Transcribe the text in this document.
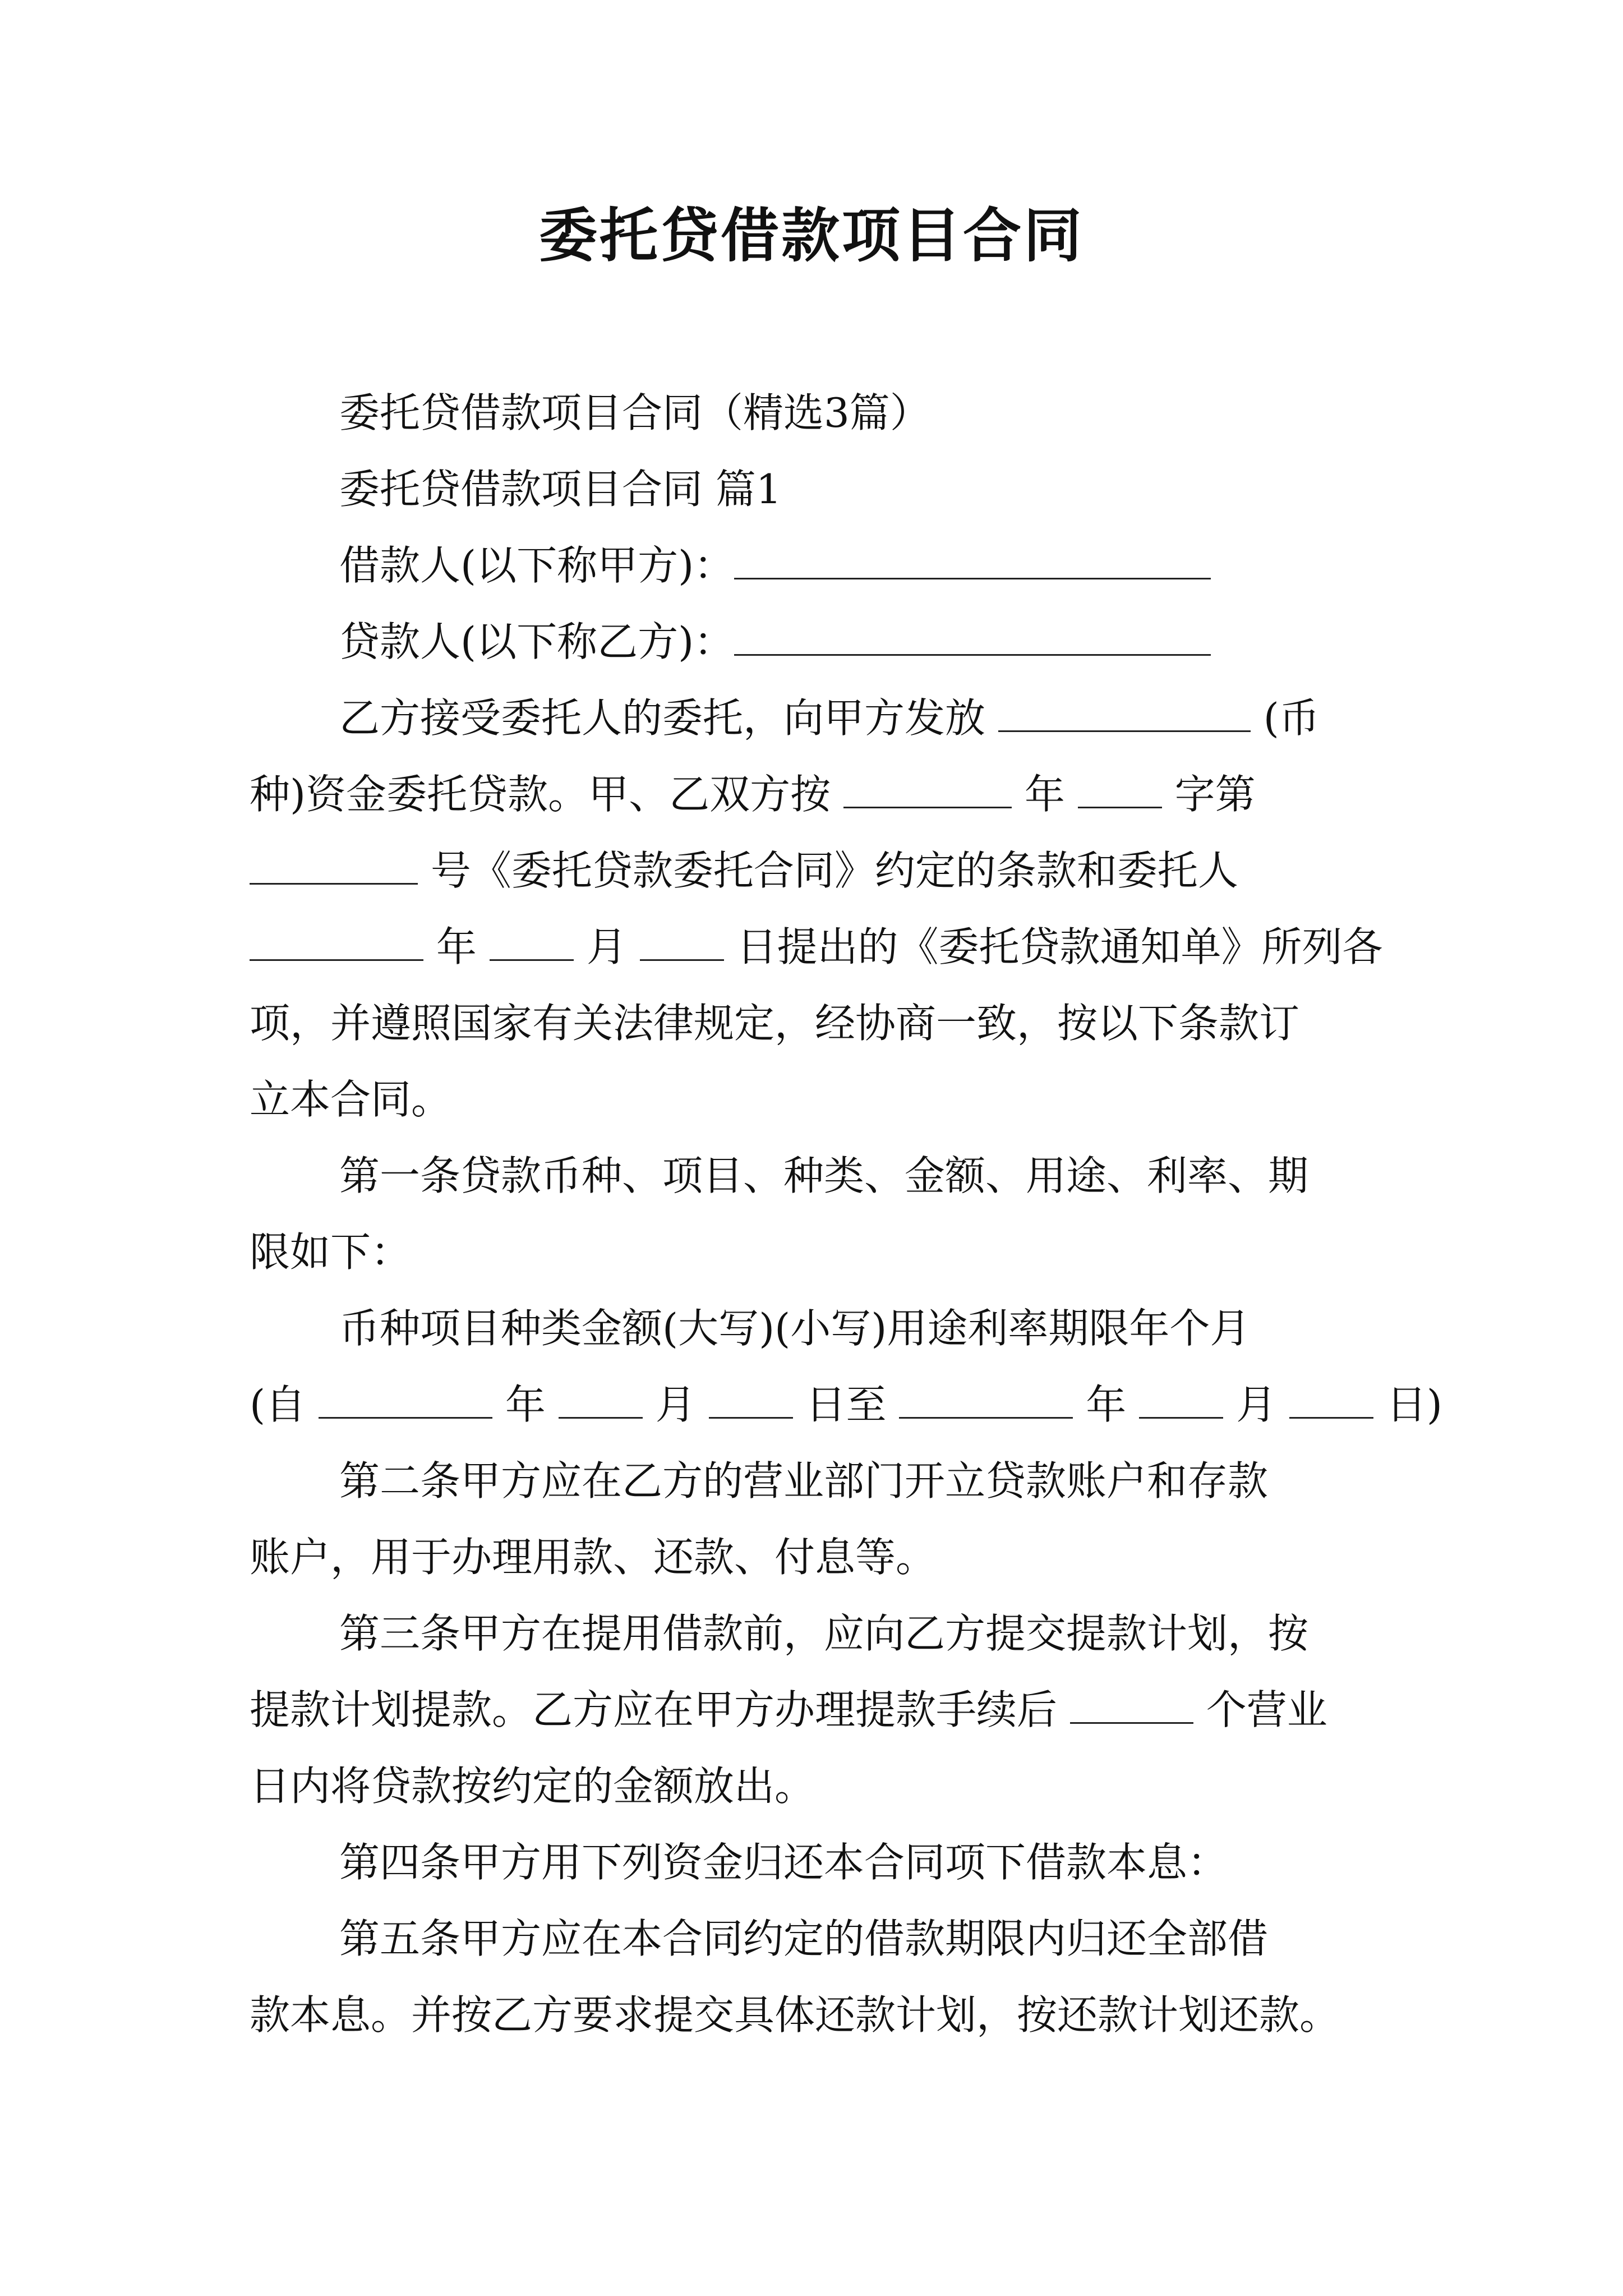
委托贷借款项目合同
委托贷借款项目合同（精选3篇）
委托贷借款项目合同 篇1
借款人(以下称甲方)：
贷款人(以下称乙方)：
乙方接受委托人的委托，向甲方发放	(币
种)资金委托贷款。甲、乙双方按	年	字第
号《委托贷款委托合同》约定的条款和委托人
年	月	日提出的《委托贷款通知单》所列各
项，并遵照国家有关法律规定，经协商一致，按以下条款订
立本合同。
第一条贷款币种、项目、种类、金额、用途、利率、期
限如下：
币种项目种类金额(大写)(小写)用途利率期限年个月
(自	年	月	日至	年	月	日)
第二条甲方应在乙方的营业部门开立贷款账户和存款
账户，用于办理用款、还款、付息等。
第三条甲方在提用借款前，应向乙方提交提款计划，按
提款计划提款。乙方应在甲方办理提款手续后	个营业
日内将贷款按约定的金额放出。
第四条甲方用下列资金归还本合同项下借款本息：
第五条甲方应在本合同约定的借款期限内归还全部借
款本息。并按乙方要求提交具体还款计划，按还款计划还款。
